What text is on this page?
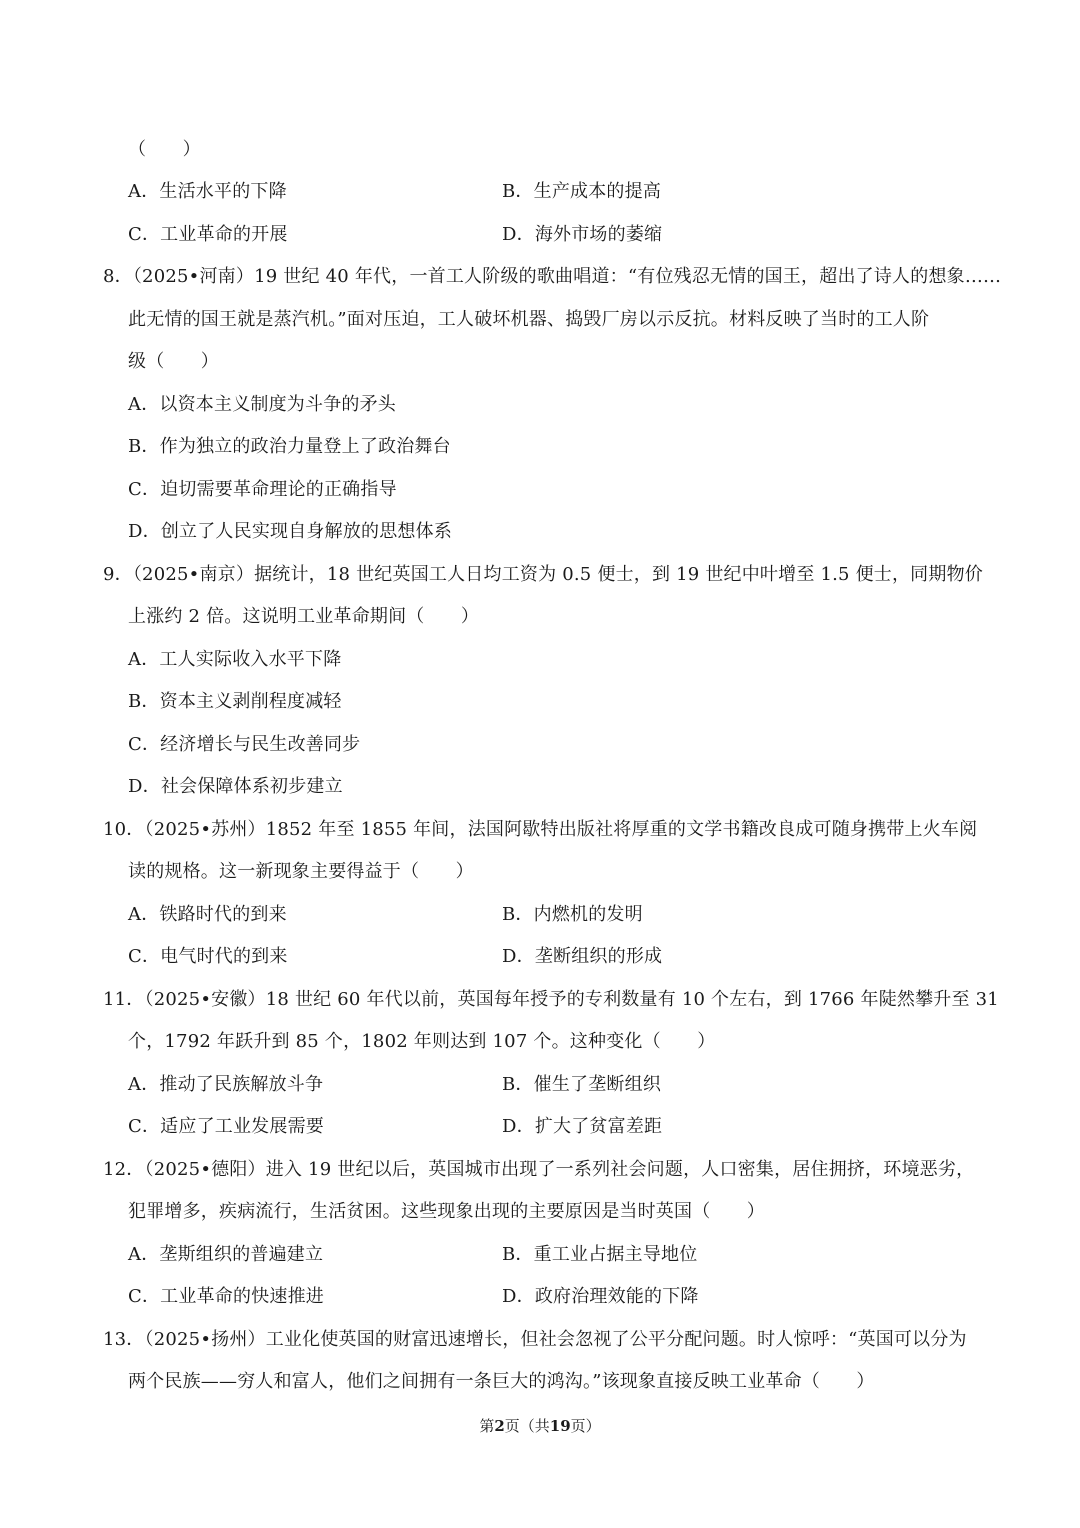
（　　）
A．生活水平的下降	B．生产成本的提高
C．工业革命的开展	D．海外市场的萎缩
8．（2025•河南）19 世纪 40 年代，一首工人阶级的歌曲唱道：“有位残忍无情的国王，超出了诗人的想象……
此无情的国王就是蒸汽机。”面对压迫，工人破坏机器、捣毁厂房以示反抗。材料反映了当时的工人阶
级（　　）
A．以资本主义制度为斗争的矛头
B．作为独立的政治力量登上了政治舞台
C．迫切需要革命理论的正确指导
D．创立了人民实现自身解放的思想体系
9．（2025•南京）据统计，18 世纪英国工人日均工资为 0.5 便士，到 19 世纪中叶增至 1.5 便士，同期物价
上涨约 2 倍。这说明工业革命期间（　　）
A．工人实际收入水平下降
B．资本主义剥削程度减轻
C．经济增长与民生改善同步
D．社会保障体系初步建立
10．（2025•苏州）1852 年至 1855 年间，法国阿歇特出版社将厚重的文学书籍改良成可随身携带上火车阅
读的规格。这一新现象主要得益于（　　）
A．铁路时代的到来	B．内燃机的发明
C．电气时代的到来	D．垄断组织的形成
11．（2025•安徽）18 世纪 60 年代以前，英国每年授予的专利数量有 10 个左右，到 1766 年陡然攀升至 31
个，1792 年跃升到 85 个，1802 年则达到 107 个。这种变化（　　）
A．推动了民族解放斗争	B．催生了垄断组织
C．适应了工业发展需要	D．扩大了贫富差距
12．（2025•德阳）进入 19 世纪以后，英国城市出现了一系列社会问题，人口密集，居住拥挤，环境恶劣，
犯罪增多，疾病流行，生活贫困。这些现象出现的主要原因是当时英国（　　）
A．垄斯组织的普遍建立	B．重工业占据主导地位
C．工业革命的快速推进	D．政府治理效能的下降
13．（2025•扬州）工业化使英国的财富迅速增长，但社会忽视了公平分配问题。时人惊呼：“英国可以分为
两个民族——穷人和富人，他们之间拥有一条巨大的鸿沟。”该现象直接反映工业革命（　　）
第2页（共19页）
